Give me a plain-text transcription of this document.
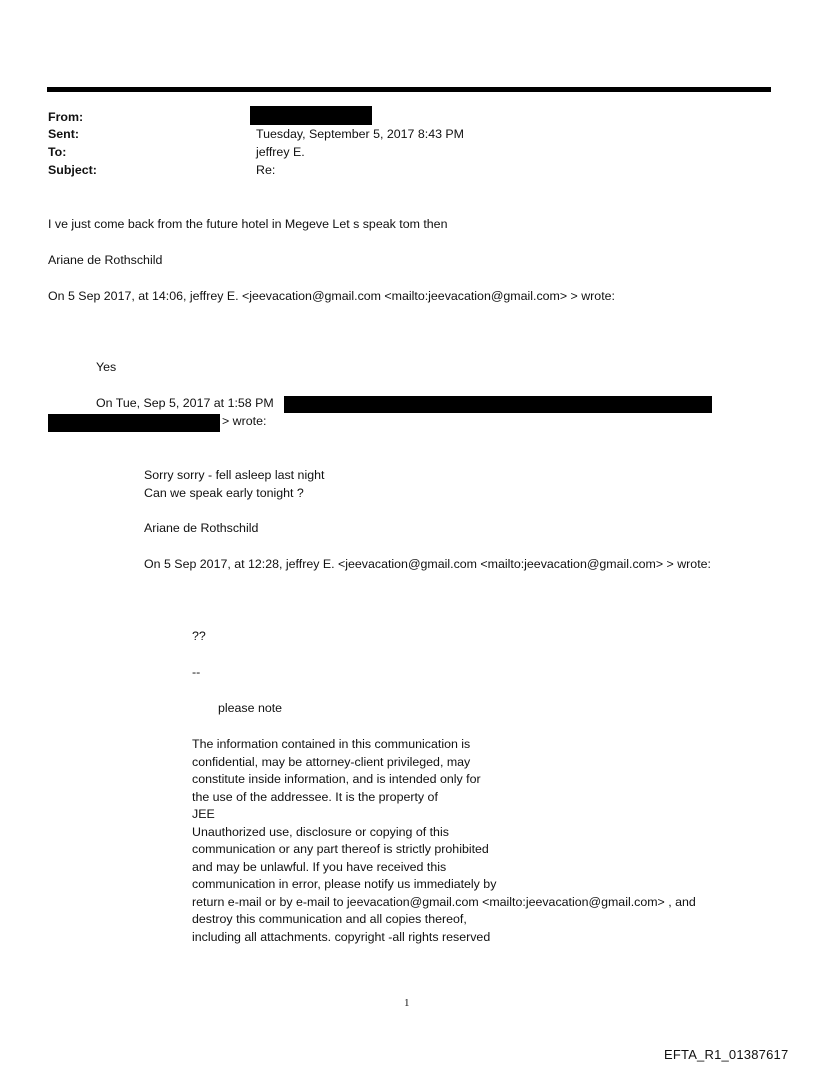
From:
Sent:	Tuesday, September 5, 2017 8:43 PM
To:	jeffrey E.
Subject:	Re:
I ve just come back from the future hotel in Megeve Let s speak tom then
Ariane de Rothschild
On 5 Sep 2017, at 14:06, jeffrey E. <jeevacation@gmail.com <mailto:jeevacation@gmail.com> > wrote:
Yes
On Tue, Sep 5, 2017 at 1:58 PM
> wrote:
Sorry sorry - fell asleep last night
Can we speak early tonight ?
Ariane de Rothschild
On 5 Sep 2017, at 12:28, jeffrey E. <jeevacation@gmail.com <mailto:jeevacation@gmail.com> > wrote:
??
--
please note
The information contained in this communication is
confidential, may be attorney-client privileged, may
constitute inside information, and is intended only for
the use of the addressee. It is the property of
JEE
Unauthorized use, disclosure or copying of this
communication or any part thereof is strictly prohibited
and may be unlawful. If you have received this
communication in error, please notify us immediately by
return e-mail or by e-mail to jeevacation@gmail.com <mailto:jeevacation@gmail.com> , and
destroy this communication and all copies thereof,
including all attachments. copyright -all rights reserved
1
EFTA_R1_01387617
